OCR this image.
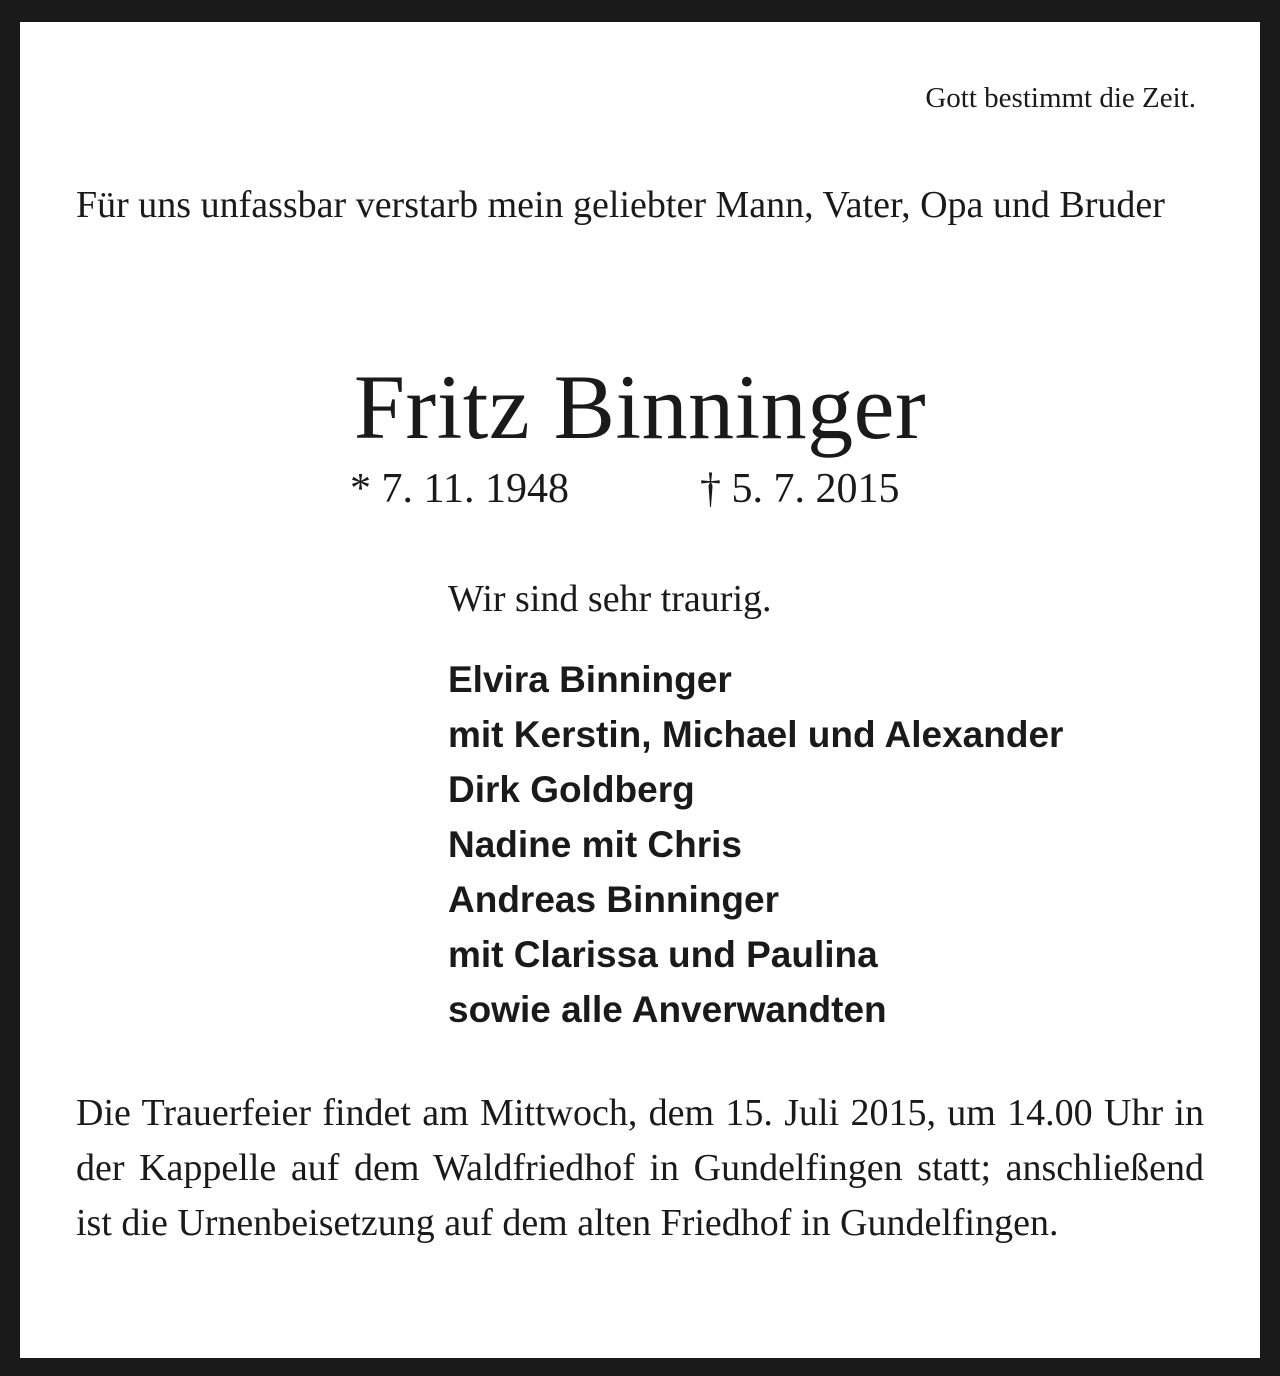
Gott bestimmt die Zeit.
Für uns unfassbar verstarb mein geliebter Mann, Vater, Opa und Bruder
Fritz Binninger
* 7. 11. 1948	† 5. 7. 2015
Wir sind sehr traurig.
Elvira Binninger
mit Kerstin, Michael und Alexander
Dirk Goldberg
Nadine mit Chris
Andreas Binninger
mit Clarissa und Paulina
sowie alle Anverwandten
Die Trauerfeier findet am Mittwoch, dem 15. Juli 2015, um 14.00 Uhr in der Kappelle auf dem Waldfriedhof in Gundelfingen statt; anschließend ist die Urnenbeisetzung auf dem alten Friedhof in Gundelfingen.
